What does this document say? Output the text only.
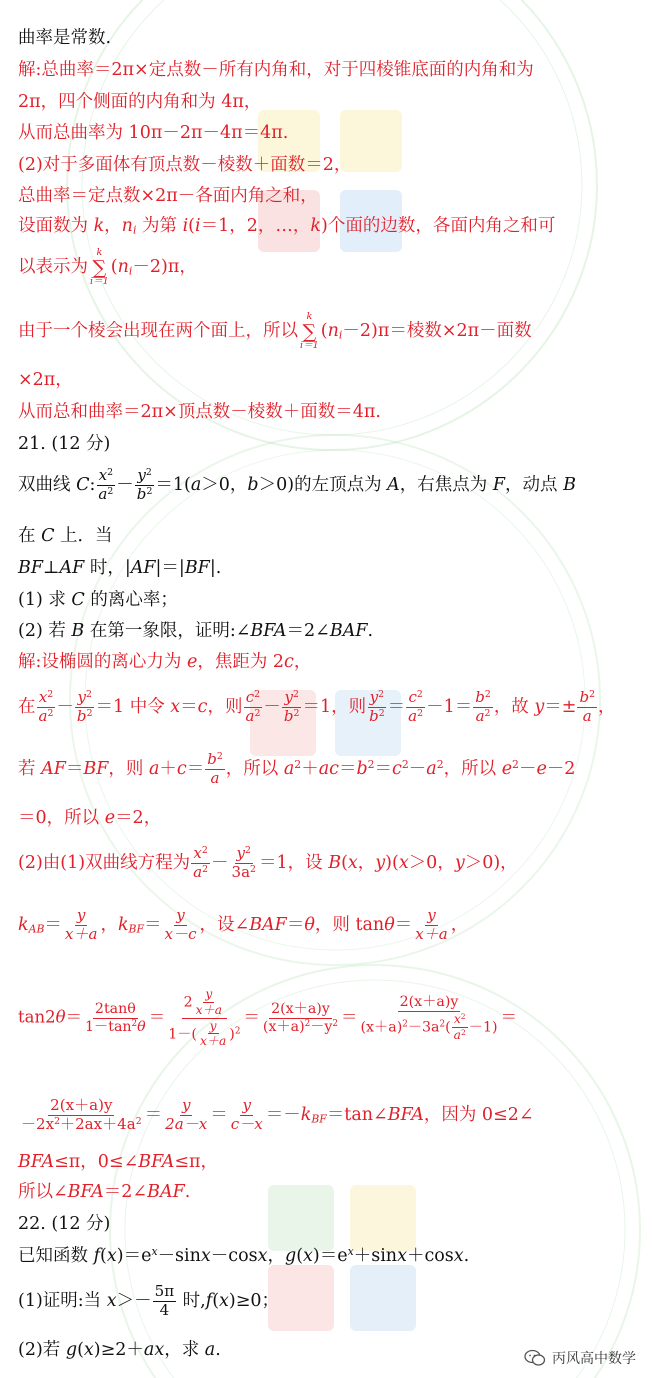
曲率是常数.
解:总曲率＝2π×定点数－所有内角和，对于四棱锥底面的内角和为
2π，四个侧面的内角和为 4π，
从而总曲率为 10π－2π－4π＝4π.
(2)对于多面体有顶点数－棱数＋面数＝2，
总曲率＝定点数×2π－各面内角之和，
设面数为 k，$n_i$ 为第 i(i＝1，2，…，k)个面的边数，各面内角之和可
以表示为
k
∑
i＝1
$(n_i-2)\pi$，
由于一个棱会出现在两个面上，所以
k
∑
i＝1
$(n_i-2)\pi=$棱数×2π－面数
×2π，
从而总和曲率＝2π×顶点数－棱数＋面数＝4π.
21. (12 分)
双曲线 C: $\frac{x^2}{a^2} - \frac{y^2}{b^2} =1(a>0$，b＞0)的左顶点为 A，右焦点为 F，动点 B
在 C 上．当
BF⊥AF 时，|AF|＝|BF|.
(1) 求 C 的离心率；
(2) 若 B 在第一象限，证明:∠BFA＝2∠BAF.
解:设椭圆的离心力为 e，焦距为 2c，
在 $\frac{x^2}{a^2} - \frac{y^2}{b^2} =1$ 中令 x＝c，则 $\frac{c^2}{a^2} - \frac{y^2}{b^2} =1$，则 $\frac{y^2}{b^2} = \frac{c^2}{a^2} -1= \frac{b^2}{a^2}$ ，故 $y=\pm \frac{b^2}{a}$ ，
若 AF＝BF，则 $a+c= \frac{b^2}{a}$ ，所以 $a^2+ac=b^2=c^2-a^2$，所以 $e^2-e-2$
＝0，所以 e＝2，
(2)由(1)双曲线方程为 $\frac{x^2}{a^2} - \frac{y^2}{3a^2} =1$，设 B(x，y)(x＞0，y＞0)，
$k_{AB}= \frac{y}{x+a}$ ，$k_{BF}= \frac{y}{x-c}$ ，设∠BAF＝θ，则 $\tan\theta= \frac{y}{x+a}$ ，
$\tan 2\theta= \frac{2\tan\theta}{1-\tan^2\theta} = \frac{2 \frac{y}{x+a}}{1-( \frac{y}{x+a} )^2} = \frac{2(x+a)y}{(x+a)^2-y^2} = \frac{2(x+a)y}{(x+a)^2-3a^2( \frac{x^2}{a^2} -1)}$ ＝
$\frac{2(x+a)y}{-2x^2+2ax+4a^2} = \frac{y}{2a-x} = \frac{y}{c-x}$ $=-k_{BF}=\tan\angle BFA$，因为 0≤2∠
BFA≤π，0≤∠BFA≤π，
所以∠BFA＝2∠BAF.
22. (12 分)
已知函数 $f(x)=e^x-\sin x-\cos x$，$g(x)=e^x+\sin x+\cos x$.
(1)证明:当 $x>- \frac{5\pi}{4}$ 时,f(x)≥0；
(2)若 g(x)≥2＋ax，求 a.	丙风高中数学
